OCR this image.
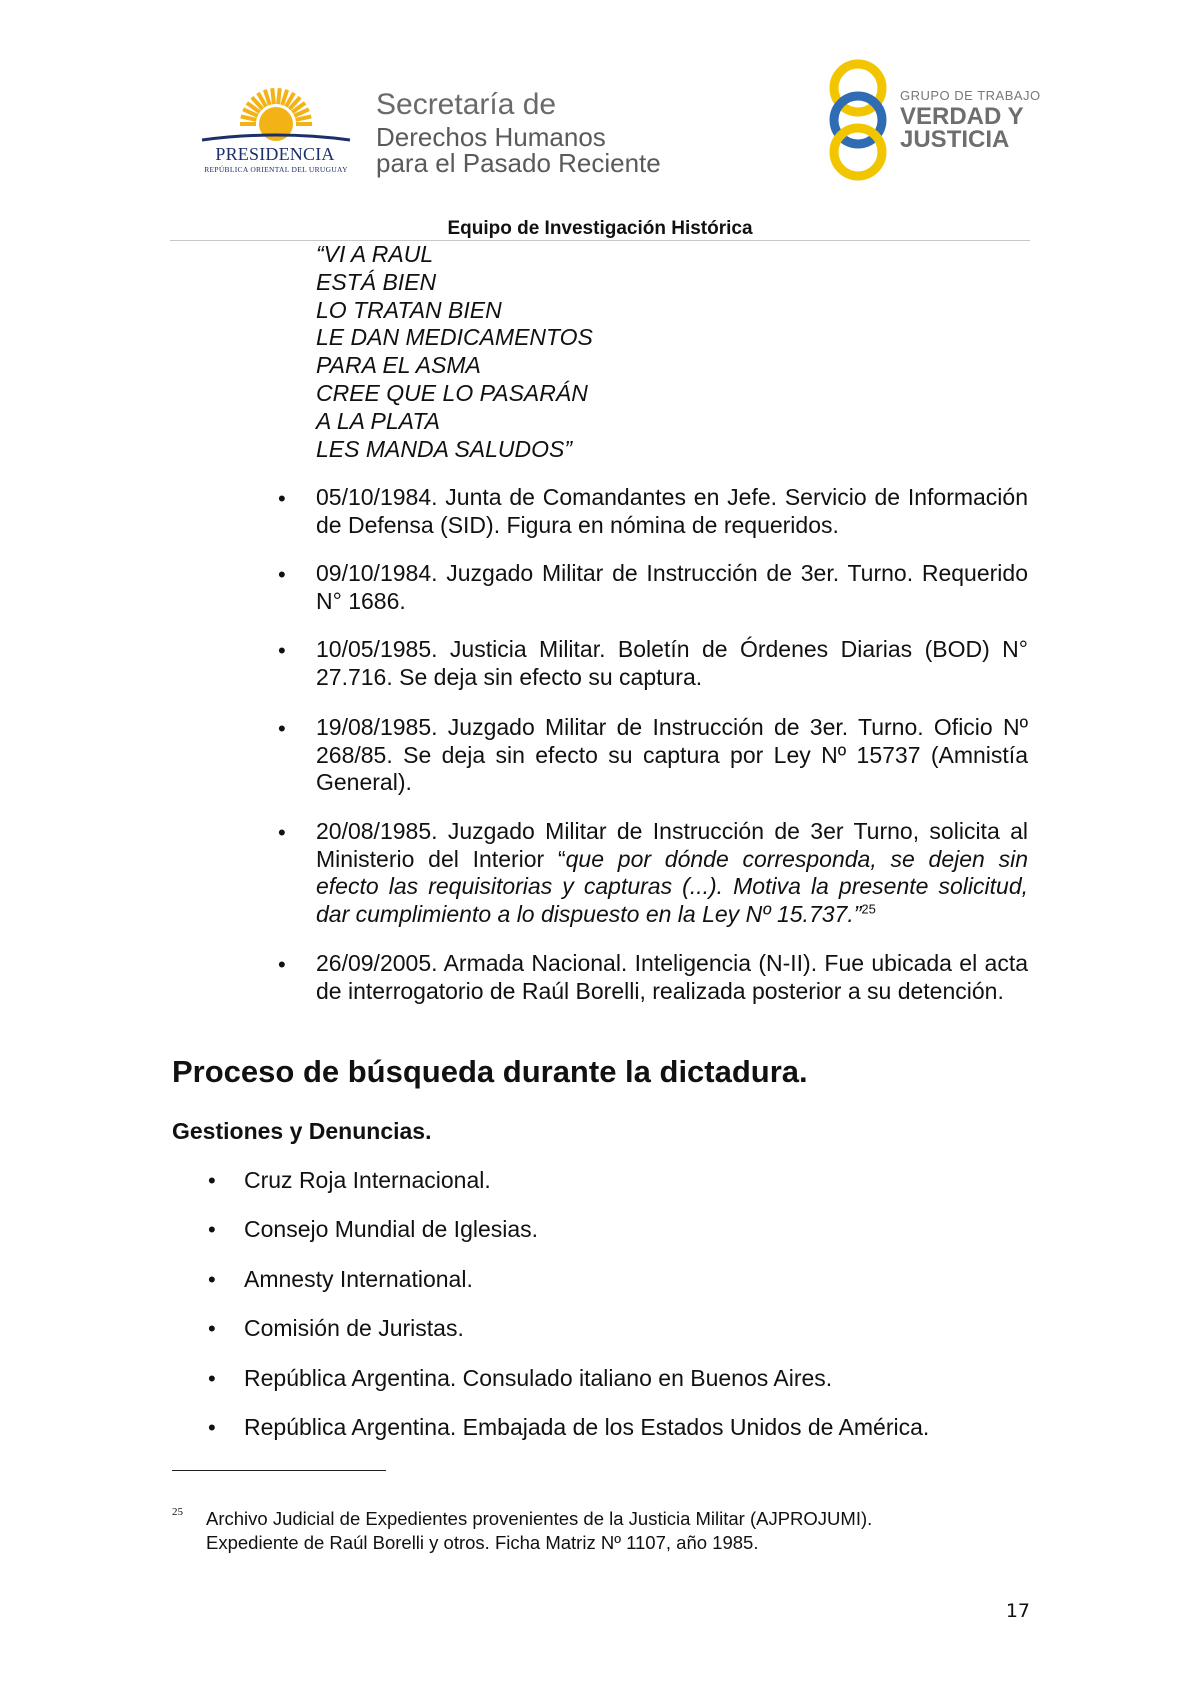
PRESIDENCIA
REPÚBLICA ORIENTAL DEL URUGUAY
Secretaría de
Derechos Humanos
para el Pasado Reciente
GRUPO DE TRABAJO
VERDAD Y
JUSTICIA
Equipo de Investigación Histórica
“VI A RAUL
ESTÁ BIEN
LO TRATAN BIEN
LE DAN MEDICAMENTOS
PARA EL ASMA
CREE QUE LO PASARÁN
A LA PLATA
LES MANDA SALUDOS”
• 05/10/1984. Junta de Comandantes en Jefe. Servicio de Información de Defensa (SID). Figura en nómina de requeridos.
• 09/10/1984. Juzgado Militar de Instrucción de 3er. Turno. Requerido N° 1686.
• 10/05/1985. Justicia Militar. Boletín de Órdenes Diarias (BOD) N° 27.716. Se deja sin efecto su captura.
• 19/08/1985. Juzgado Militar de Instrucción de 3er. Turno. Oficio Nº 268/85. Se deja sin efecto su captura por Ley Nº 15737 (Amnistía General).
• 20/08/1985. Juzgado Militar de Instrucción de 3er Turno, solicita al Ministerio del Interior “que por dónde corresponda, se dejen sin efecto las requisitorias y capturas (...). Motiva la presente solicitud, dar cumplimiento a lo dispuesto en la Ley Nº 15.737.”$^{25}$
• 26/09/2005. Armada Nacional. Inteligencia (N-II). Fue ubicada el acta de interrogatorio de Raúl Borelli, realizada posterior a su detención.
Proceso de búsqueda durante la dictadura.
Gestiones y Denuncias.
• Cruz Roja Internacional.
• Consejo Mundial de Iglesias.
• Amnesty International.
• Comisión de Juristas.
• República Argentina. Consulado italiano en Buenos Aires.
• República Argentina. Embajada de los Estados Unidos de América.
25 Archivo Judicial de Expedientes provenientes de la Justicia Militar (AJPROJUMI).
Expediente de Raúl Borelli y otros. Ficha Matriz Nº 1107, año 1985.
17
